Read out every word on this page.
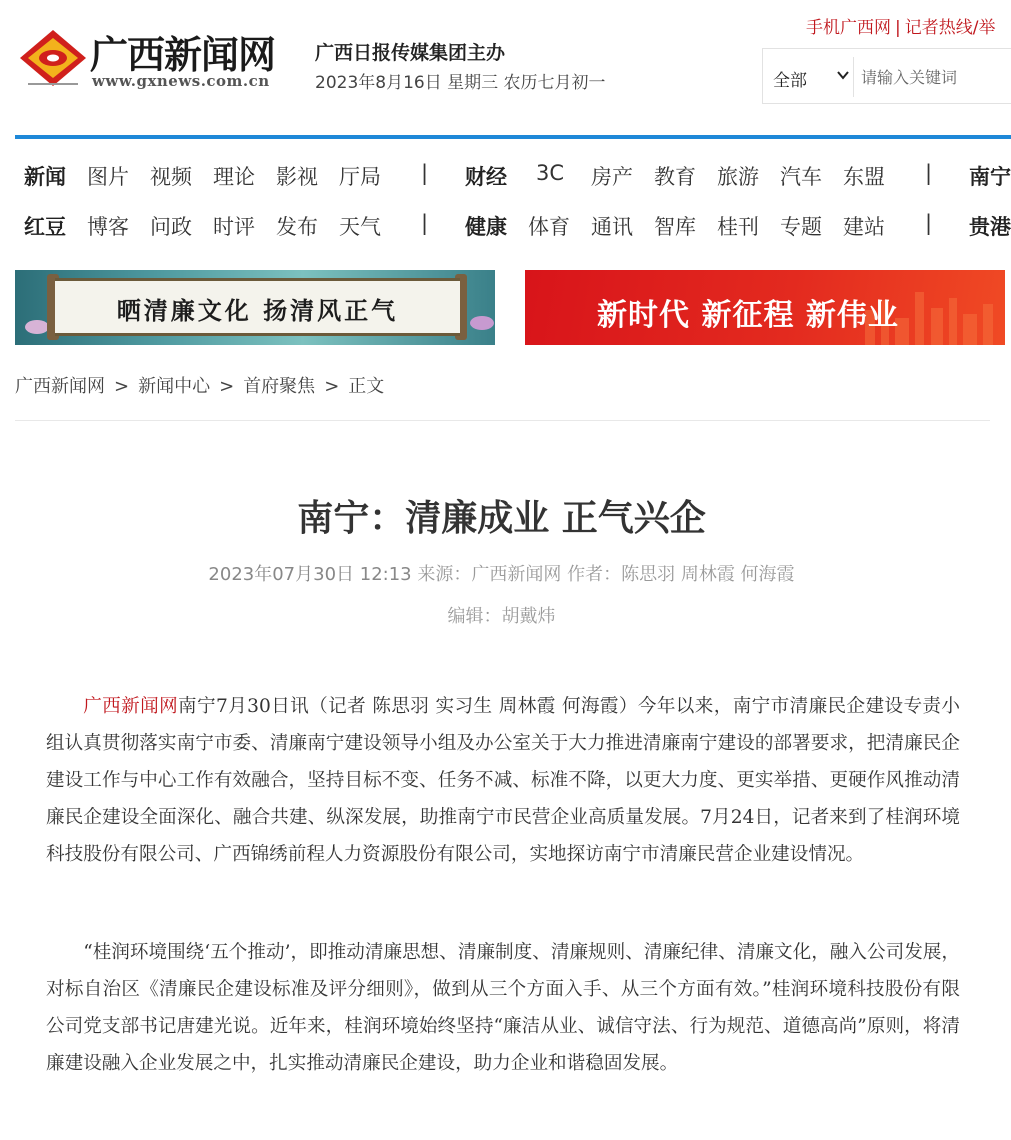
广西新闻网
www.gxnews.com.cn
广西日报传媒集团主办
2023年8月16日 星期三 农历七月初一
手机广西网 | 记者热线/举
全部
请输入关键词
新闻 图片 视频 理论 影视 厅局 | 财经 3C 房产 教育 旅游 汽车 东盟 | 南宁
红豆 博客 问政 时评 发布 天气 | 健康 体育 通讯 智库 桂刊 专题 建站 | 贵港
晒清廉文化 扬清风正气	新时代 新征程 新伟业
广西新闻网 > 新闻中心 > 首府聚焦 > 正文
南宁：清廉成业 正气兴企
2023年07月30日 12:13 来源：广西新闻网 作者：陈思羽 周林霞 何海霞
编辑：胡戴炜

广西新闻网南宁7月30日讯（记者 陈思羽 实习生 周林霞 何海霞）今年以来，南宁市清廉民企建设专责小组认真贯彻落实南宁市委、清廉南宁建设领导小组及办公室关于大力推进清廉南宁建设的部署要求，把清廉民企建设工作与中心工作有效融合，坚持目标不变、任务不减、标准不降，以更大力度、更实举措、更硬作风推动清廉民企建设全面深化、融合共建、纵深发展，助推南宁市民营企业高质量发展。7月24日，记者来到了桂润环境科技股份有限公司、广西锦绣前程人力资源股份有限公司，实地探访南宁市清廉民营企业建设情况。

“桂润环境围绕‘五个推动’，即推动清廉思想、清廉制度、清廉规则、清廉纪律、清廉文化，融入公司发展，对标自治区《清廉民企建设标准及评分细则》，做到从三个方面入手、从三个方面有效。”桂润环境科技股份有限公司党支部书记唐建光说。近年来，桂润环境始终坚持“廉洁从业、诚信守法、行为规范、道德高尚”原则，将清廉建设融入企业发展之中，扎实推动清廉民企建设，助力企业和谐稳固发展。
